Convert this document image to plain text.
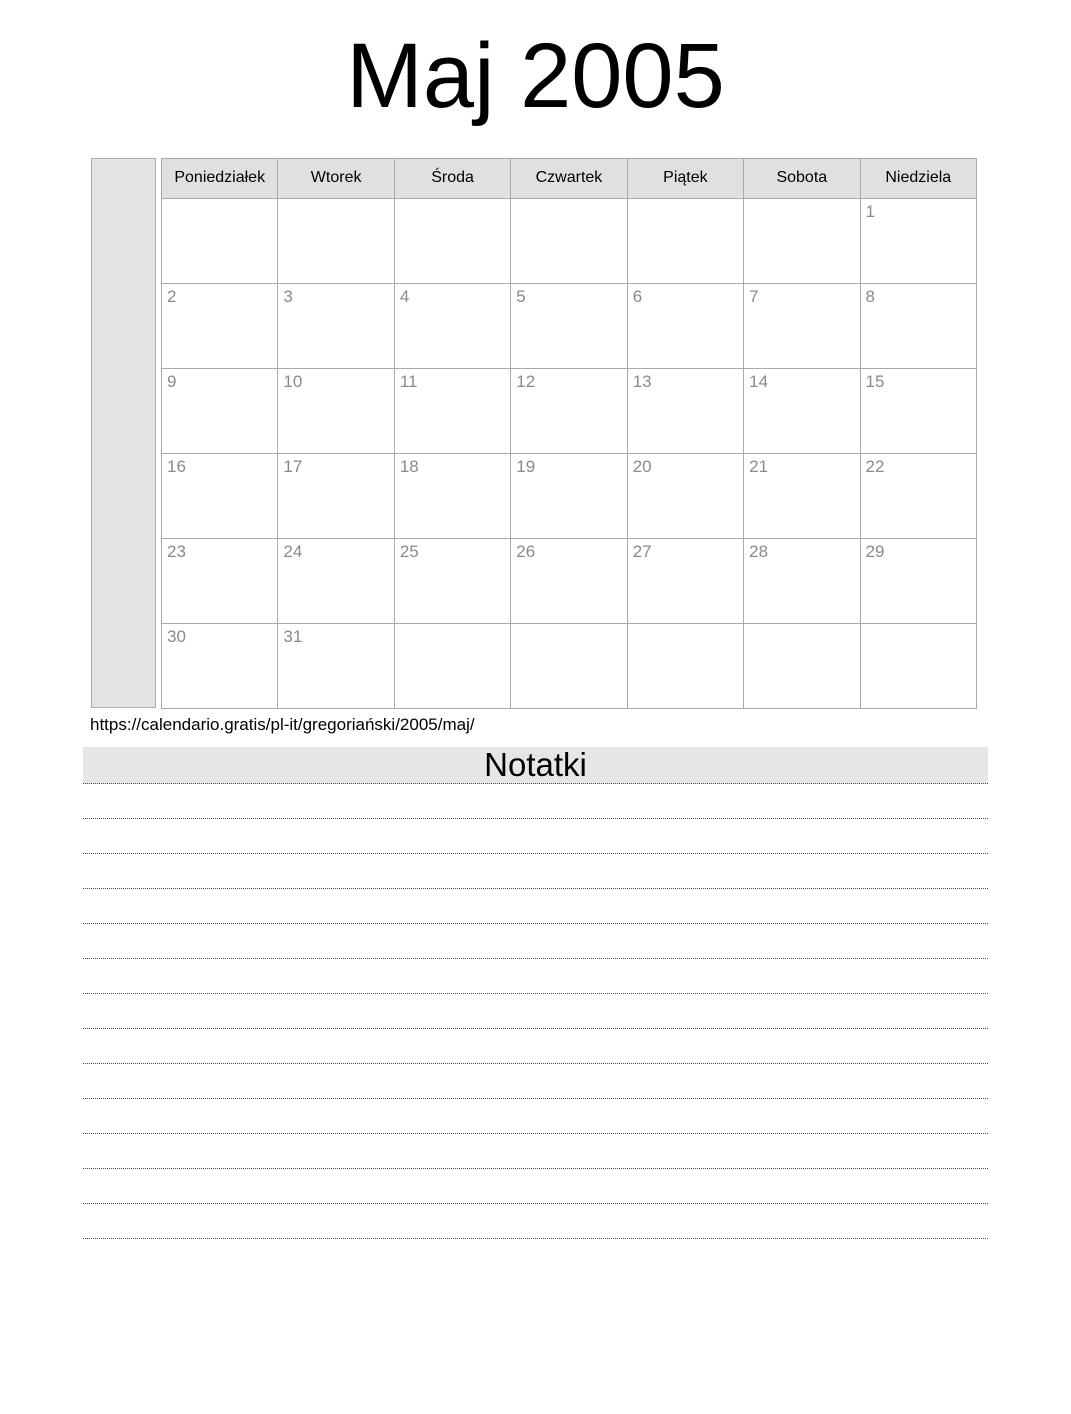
Maj 2005
Poniedziałek	Wtorek	Środa	Czwartek	Piątek	Sobota	Niedziela
						1
2	3	4	5	6	7	8
9	10	11	12	13	14	15
16	17	18	19	20	21	22
23	24	25	26	27	28	29
30	31					
https://calendario.gratis/pl-it/gregoriański/2005/maj/
Notatki
